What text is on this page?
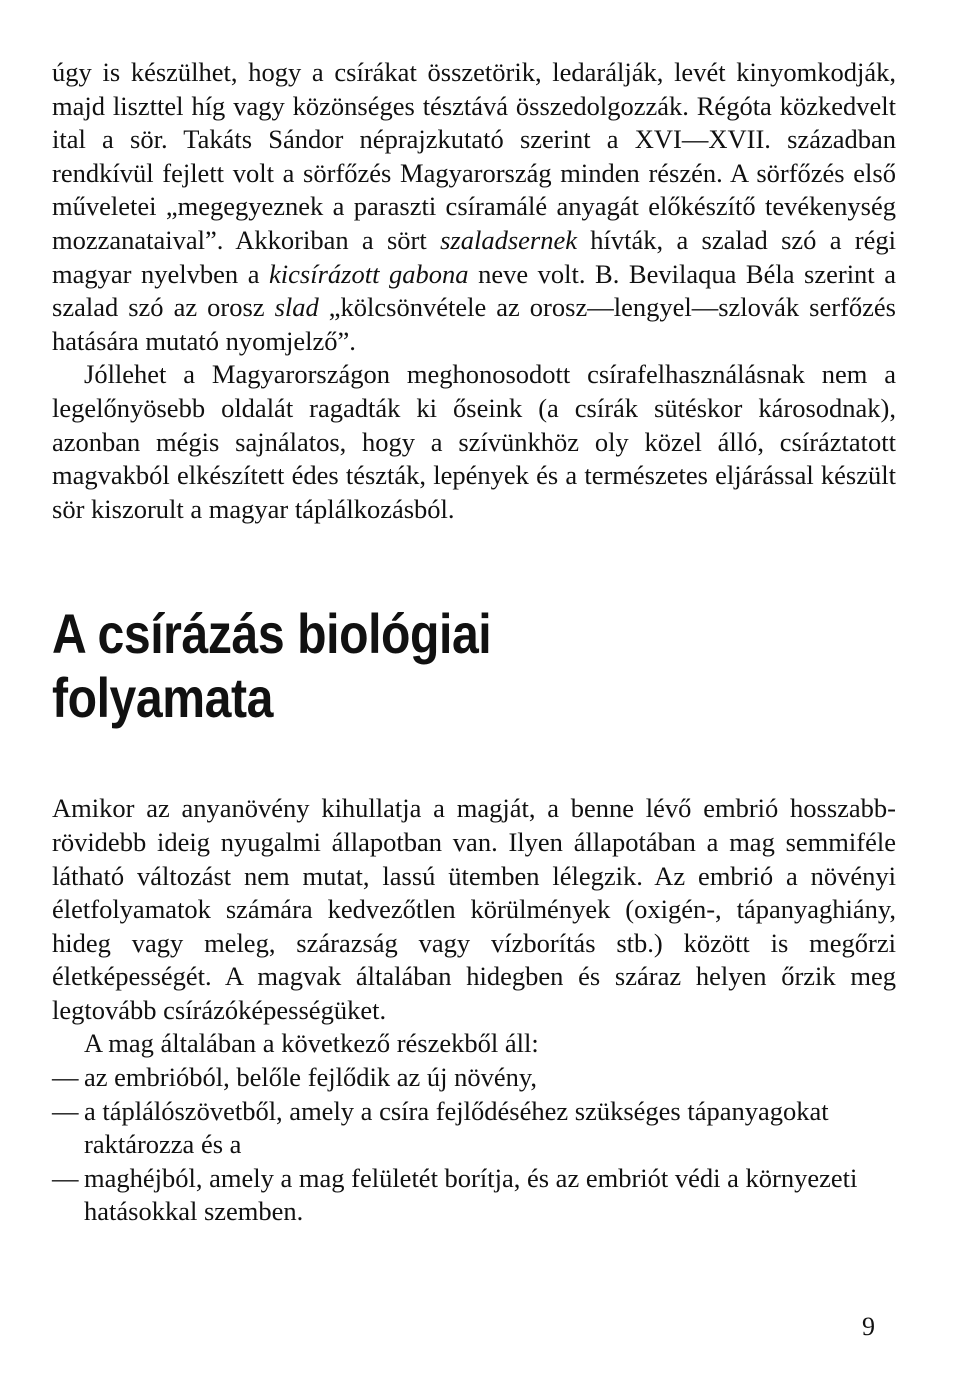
úgy is készülhet, hogy a csírákat összetörik, ledarálják, levét kinyomkodják, majd liszttel híg vagy közönséges tésztává összedolgozzák. Régóta közkedvelt ital a sör. Takáts Sándor néprajzkutató szerint a XVI—XVII. században rendkívül fejlett volt a sörfőzés Magyarország minden részén. A sörfőzés első műveletei „megegyeznek a paraszti csíramálé anyagát előkészítő tevékenység mozzanataival”. Akkoriban a sört szaladsernek hívták, a szalad szó a régi magyar nyelvben a kicsírázott gabona neve volt. B. Bevilaqua Béla szerint a szalad szó az orosz slad „kölcsönvétele az orosz—lengyel—szlovák serfőzés hatására mutató nyomjelző”.

Jóllehet a Magyarországon meghonosodott csírafelhasználásnak nem a legelőnyösebb oldalát ragadták ki őseink (a csírák sütéskor károsodnak), azonban mégis sajnálatos, hogy a szívünkhöz oly közel álló, csíráztatott magvakból elkészített édes tészták, lepények és a természetes eljárással készült sör kiszorult a magyar táplálkozásból.

A csírázás biológiai
folyamata

Amikor az anyanövény kihullatja a magját, a benne lévő embrió hosszabb-rövidebb ideig nyugalmi állapotban van. Ilyen állapotában a mag semmiféle látható változást nem mutat, lassú ütemben lélegzik. Az embrió a növényi életfolyamatok számára kedvezőtlen körülmények (oxigén-, tápanyaghiány, hideg vagy meleg, szárazság vagy vízborítás stb.) között is megőrzi életképességét. A magvak általában hidegben és száraz helyen őrzik meg legtovább csírázóképességüket.

A mag általában a következő részekből áll:

— az embrióból, belőle fejlődik az új növény,
— a táplálószövetből, amely a csíra fejlődéséhez szükséges tápanyagokat raktározza és a
— maghéjból, amely a mag felületét borítja, és az embriót védi a környezeti hatásokkal szemben.
9
